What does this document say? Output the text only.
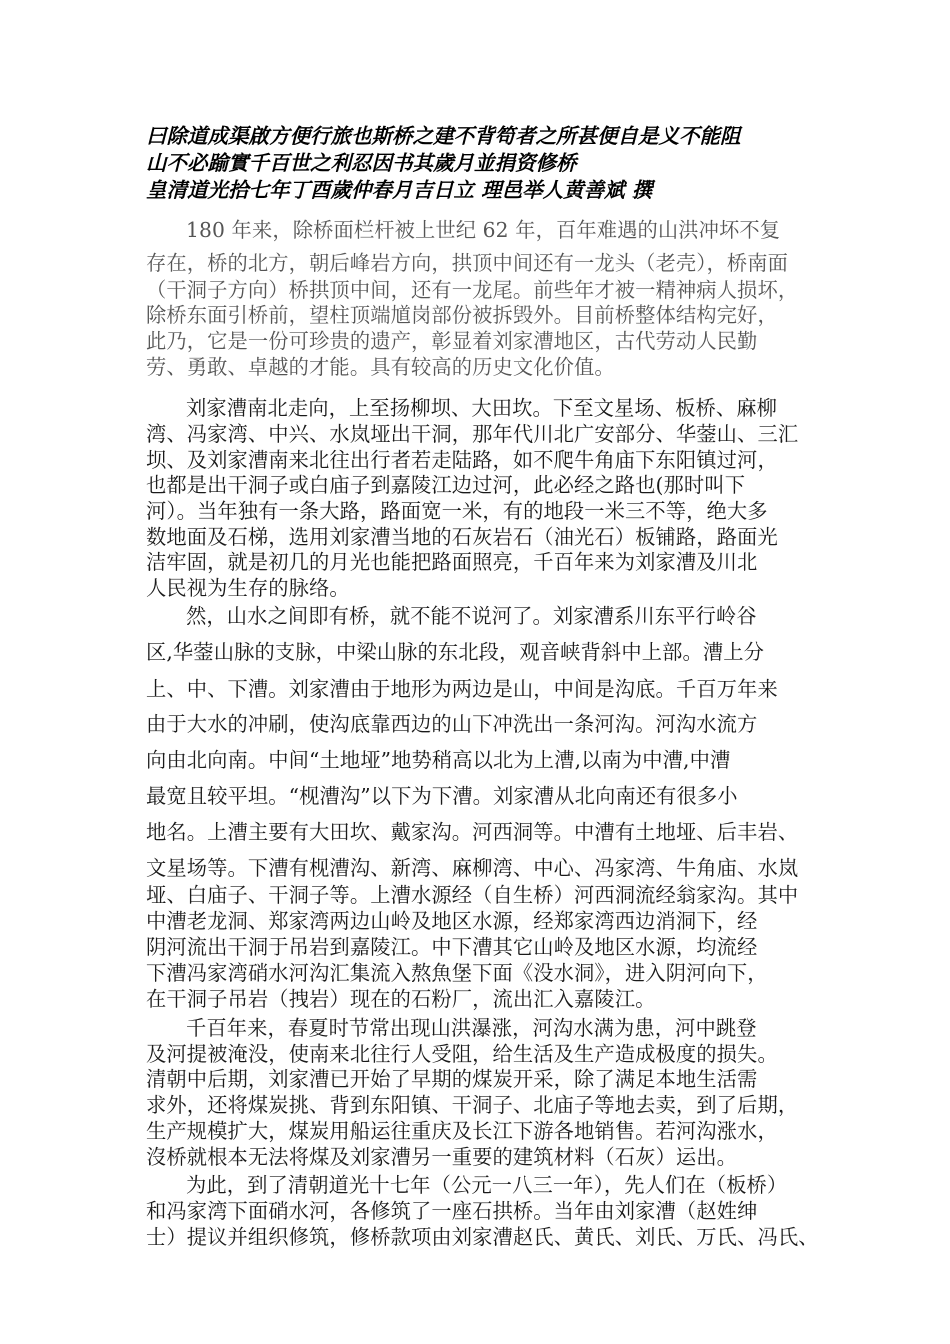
曰除道成渠啟方便行旅也斯桥之建不背笱者之所甚便自是义不能阻

山不必踰實千百世之利忍因书其歲月並捐资修桥

皇清道光拾七年丁酉歲仲春月吉日立 理邑举人黄善斌 撰

180 年来，除桥面栏杆被上世纪 62 年，百年难遇的山洪冲坏不复

存在，桥的北方，朝后峰岩方向，拱顶中间还有一龙头（老壳），桥南面

（干洞子方向）桥拱顶中间，还有一龙尾。前些年才被一精神病人损坏，

除桥东面引桥前，望柱顶端馗岗部份被拆毁外。目前桥整体结构完好，

此乃，它是一份可珍贵的遗产，彰显着刘家漕地区，古代劳动人民勤

劳、勇敢、卓越的才能。具有较高的历史文化价值。

刘家漕南北走向，上至扬柳坝、大田坎。下至文星场、板桥、麻柳

湾、冯家湾、中兴、水岚垭出干洞，那年代川北广安部分、华蓥山、三汇

坝、及刘家漕南来北往出行者若走陆路，如不爬牛角庙下东阳镇过河，

也都是出干洞子或白庙子到嘉陵江边过河，此必经之路也(那时叫下

河）。当年独有一条大路，路面宽一米，有的地段一米三不等，绝大多

数地面及石梯，选用刘家漕当地的石灰岩石（油光石）板铺路，路面光

洁牢固，就是初几的月光也能把路面照亮，千百年来为刘家漕及川北

人民视为生存的脉络。

然，山水之间即有桥，就不能不说河了。刘家漕系川东平行岭谷

区,华蓥山脉的支脉，中梁山脉的东北段，观音峡背斜中上部。漕上分

上、中、下漕。刘家漕由于地形为两边是山，中间是沟底。千百万年来

由于大水的冲刷，使沟底靠西边的山下冲洗出一条河沟。河沟水流方

向由北向南。中间“土地垭”地势稍高以北为上漕,以南为中漕,中漕

最宽且较平坦。“枧漕沟”以下为下漕。刘家漕从北向南还有很多小

地名。上漕主要有大田坎、戴家沟。河西洞等。中漕有土地垭、后丰岩、

文星场等。下漕有枧漕沟、新湾、麻柳湾、中心、冯家湾、牛角庙、水岚

垭、白庙子、干洞子等。上漕水源经（自生桥）河西洞流经翁家沟。其中

中漕老龙洞、郑家湾两边山岭及地区水源，经郑家湾西边消洞下，经

阴河流出干洞于吊岩到嘉陵江。中下漕其它山岭及地区水源，均流经

下漕冯家湾硝水河沟汇集流入熬魚堡下面《没水洞》，进入阴河向下，

在干洞子吊岩（拽岩）现在的石粉厂，流出汇入嘉陵江。

千百年来，春夏时节常出现山洪瀑涨，河沟水满为患，河中跳登

及河提被淹没，使南来北往行人受阻，给生活及生产造成极度的损失。

清朝中后期，刘家漕已开始了早期的煤炭开采，除了满足本地生活需

求外，还将煤炭挑、背到东阳镇、干洞子、北庙子等地去卖，到了后期，

生产规模扩大，煤炭用船运往重庆及长江下游各地销售。若河沟涨水，

沒桥就根本无法将煤及刘家漕另一重要的建筑材料（石灰）运出。

为此，到了清朝道光十七年（公元一八三一年），先人们在（板桥）

和冯家湾下面硝水河，各修筑了一座石拱桥。当年由刘家漕（赵姓绅

士）提议并组织修筑，修桥款项由刘家漕赵氏、黄氏、刘氏、万氏、冯氏、
